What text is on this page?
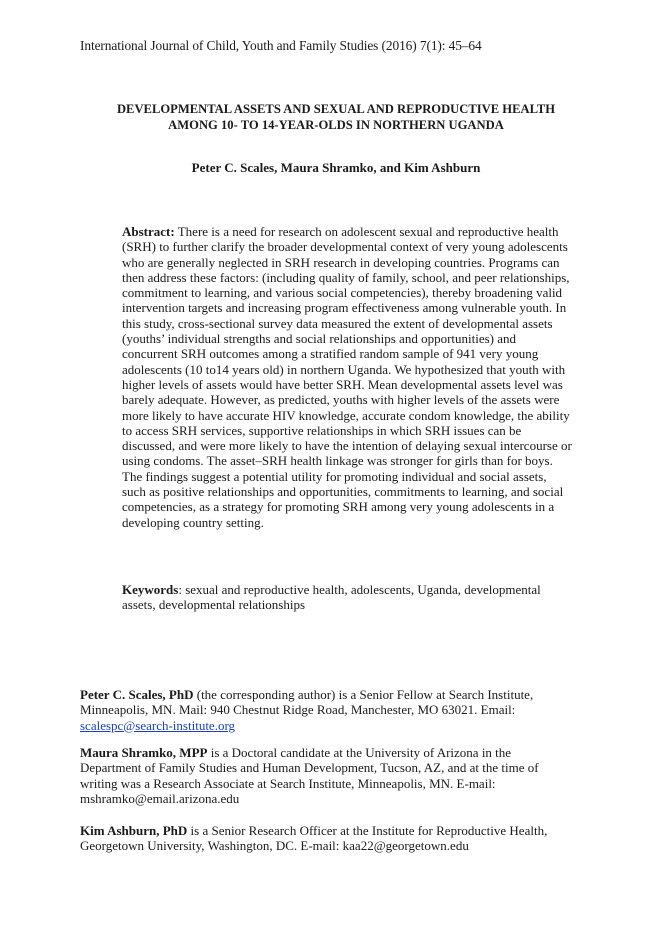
International Journal of Child, Youth and Family Studies (2016) 7(1): 45–64
DEVELOPMENTAL ASSETS AND SEXUAL AND REPRODUCTIVE HEALTH
AMONG 10- TO 14-YEAR-OLDS IN NORTHERN UGANDA
Peter C. Scales, Maura Shramko, and Kim Ashburn
Abstract: There is a need for research on adolescent sexual and reproductive health
(SRH) to further clarify the broader developmental context of very young adolescents
who are generally neglected in SRH research in developing countries. Programs can
then address these factors: (including quality of family, school, and peer relationships,
commitment to learning, and various social competencies), thereby broadening valid
intervention targets and increasing program effectiveness among vulnerable youth. In
this study, cross-sectional survey data measured the extent of developmental assets
(youths’ individual strengths and social relationships and opportunities) and
concurrent SRH outcomes among a stratified random sample of 941 very young
adolescents (10 to14 years old) in northern Uganda. We hypothesized that youth with
higher levels of assets would have better SRH. Mean developmental assets level was
barely adequate. However, as predicted, youths with higher levels of the assets were
more likely to have accurate HIV knowledge, accurate condom knowledge, the ability
to access SRH services, supportive relationships in which SRH issues can be
discussed, and were more likely to have the intention of delaying sexual intercourse or
using condoms. The asset–SRH health linkage was stronger for girls than for boys.
The findings suggest a potential utility for promoting individual and social assets,
such as positive relationships and opportunities, commitments to learning, and social
competencies, as a strategy for promoting SRH among very young adolescents in a
developing country setting.
Keywords: sexual and reproductive health, adolescents, Uganda, developmental
assets, developmental relationships
Peter C. Scales, PhD (the corresponding author) is a Senior Fellow at Search Institute,
Minneapolis, MN. Mail: 940 Chestnut Ridge Road, Manchester, MO 63021. Email:
scalespc@search-institute.org
Maura Shramko, MPP is a Doctoral candidate at the University of Arizona in the
Department of Family Studies and Human Development, Tucson, AZ, and at the time of
writing was a Research Associate at Search Institute, Minneapolis, MN. E-mail:
mshramko@email.arizona.edu
Kim Ashburn, PhD is a Senior Research Officer at the Institute for Reproductive Health,
Georgetown University, Washington, DC. E-mail: kaa22@georgetown.edu
